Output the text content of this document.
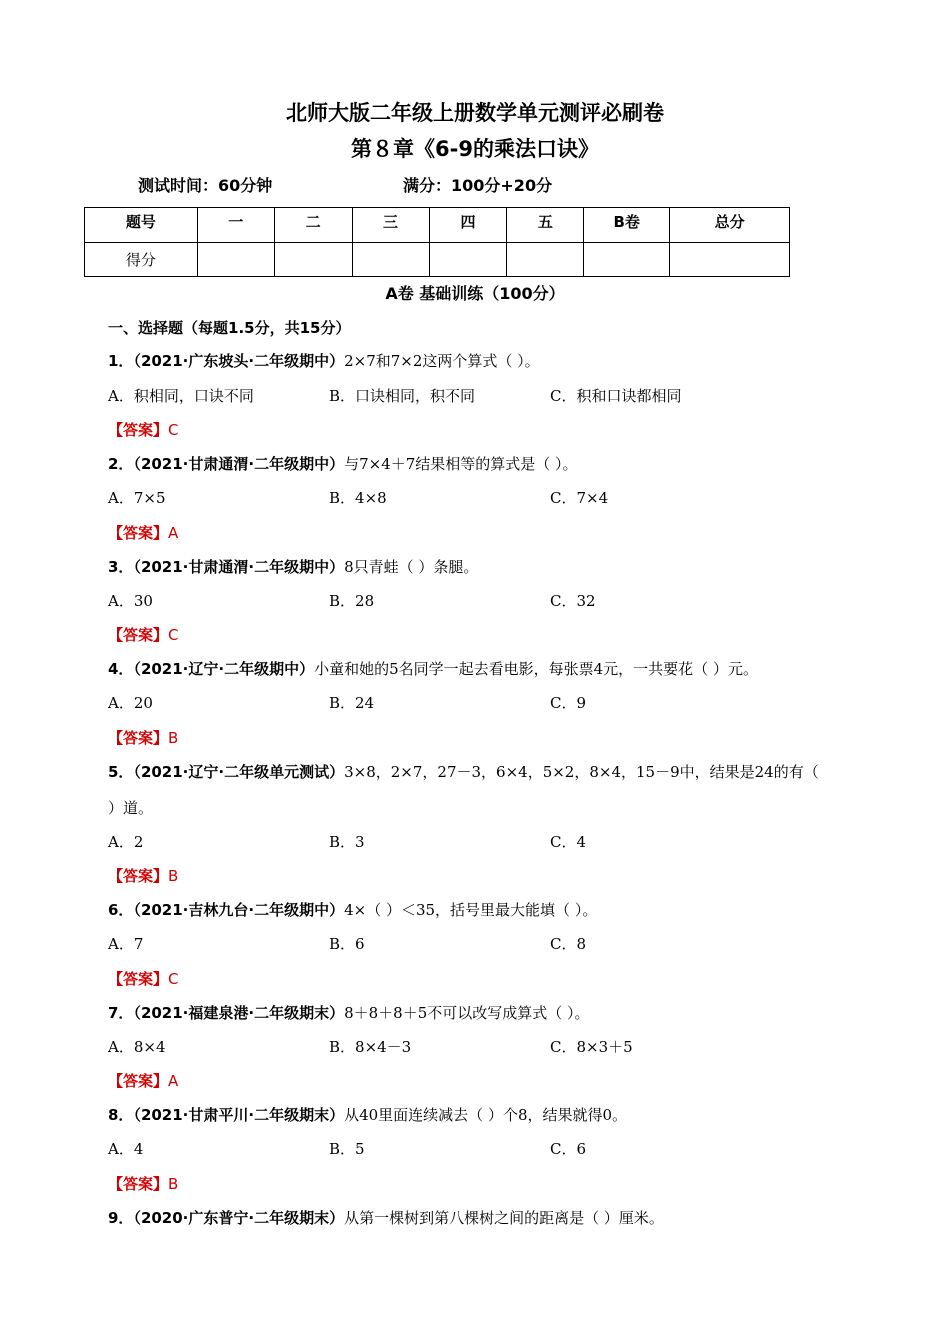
北师大版二年级上册数学单元测评必刷卷
第８章《6-9的乘法口诀》
测试时间：60分钟	满分：100分+20分
题号	一	二	三	四	五	B卷	总分
得分							
A卷 基础训练（100分）
一、选择题（每题1.5分，共15分）
1．（2021·广东坡头·二年级期中）2×7和7×2这两个算式（ ）。
A．积相同，口诀不同	B．口诀相同，积不同	C．积和口诀都相同
【答案】C
2．（2021·甘肃通渭·二年级期中）与7×4＋7结果相等的算式是（ ）。
A．7×5	B．4×8	C．7×4
【答案】A
3．（2021·甘肃通渭·二年级期中）8只青蛙（ ）条腿。
A．30	B．28	C．32
【答案】C
4．（2021·辽宁·二年级期中）小童和她的5名同学一起去看电影，每张票4元，一共要花（ ）元。
A．20	B．24	C．9
【答案】B
5．（2021·辽宁·二年级单元测试）3×8，2×7，27－3，6×4，5×2，8×4，15－9中，结果是24的有（
）道。
A．2	B．3	C．4
【答案】B
6．（2021·吉林九台·二年级期中）4×（ ）＜35，括号里最大能填（ ）。
A．7	B．6	C．8
【答案】C
7．（2021·福建泉港·二年级期末）8＋8＋8＋5不可以改写成算式（ ）。
A．8×4	B．8×4－3	C．8×3＋5
【答案】A
8．（2021·甘肃平川·二年级期末）从40里面连续减去（ ）个8，结果就得0。
A．4	B．5	C．6
【答案】B
9．（2020·广东普宁·二年级期末）从第一棵树到第八棵树之间的距离是（ ）厘米。
